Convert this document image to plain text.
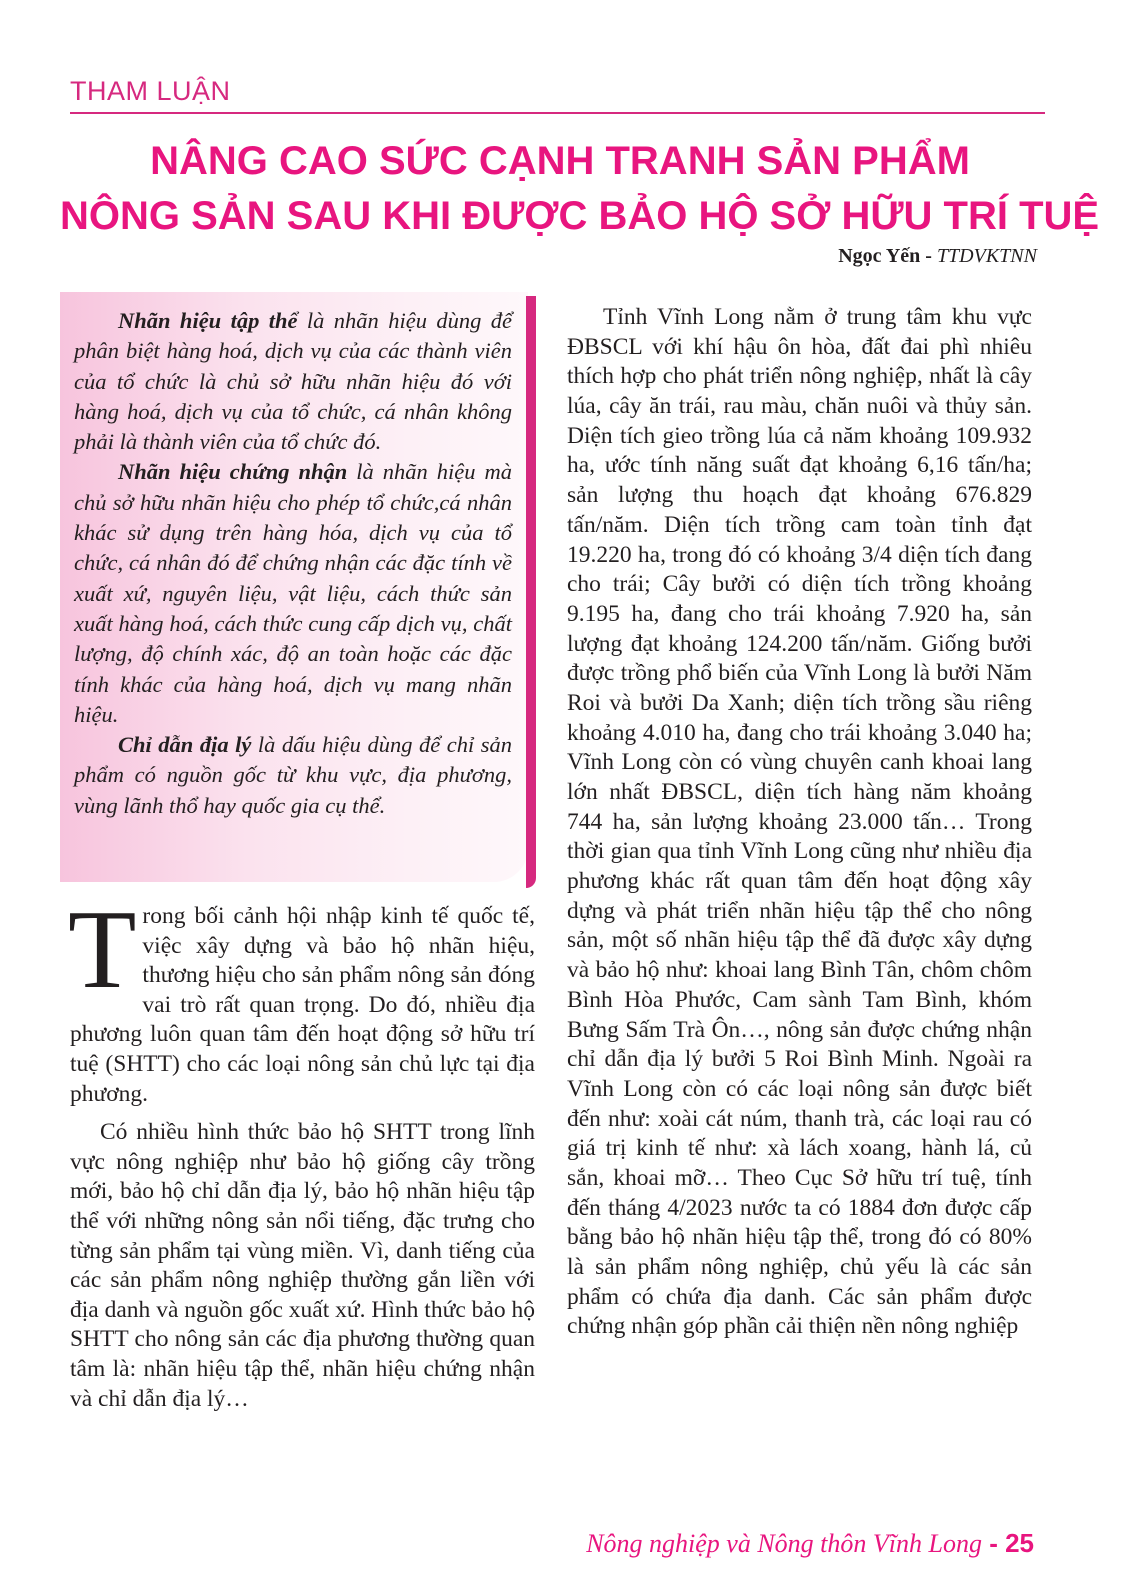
THAM LUẬN
NÂNG CAO SỨC CẠNH TRANH SẢN PHẨM
NÔNG SẢN SAU KHI ĐƯỢC BẢO HỘ SỞ HỮU TRÍ TUỆ
Ngọc Yến - TTDVKTNN

Nhãn hiệu tập thể là nhãn hiệu dùng để phân biệt hàng hoá, dịch vụ của các thành viên của tổ chức là chủ sở hữu nhãn hiệu đó với hàng hoá, dịch vụ của tổ chức, cá nhân không phải là thành viên của tổ chức đó.

Nhãn hiệu chứng nhận là nhãn hiệu mà chủ sở hữu nhãn hiệu cho phép tổ chức,cá nhân khác sử dụng trên hàng hóa, dịch vụ của tổ chức, cá nhân đó để chứng nhận các đặc tính về xuất xứ, nguyên liệu, vật liệu, cách thức sản xuất hàng hoá, cách thức cung cấp dịch vụ, chất lượng, độ chính xác, độ an toàn hoặc các đặc tính khác của hàng hoá, dịch vụ mang nhãn hiệu.

Chỉ dẫn địa lý là dấu hiệu dùng để chỉ sản phẩm có nguồn gốc từ khu vực, địa phương, vùng lãnh thổ hay quốc gia cụ thể.

Trong bối cảnh hội nhập kinh tế quốc tế, việc xây dựng và bảo hộ nhãn hiệu, thương hiệu cho sản phẩm nông sản đóng vai trò rất quan trọng. Do đó, nhiều địa phương luôn quan tâm đến hoạt động sở hữu trí tuệ (SHTT) cho các loại nông sản chủ lực tại địa phương.

Có nhiều hình thức bảo hộ SHTT trong lĩnh vực nông nghiệp như bảo hộ giống cây trồng mới, bảo hộ chỉ dẫn địa lý, bảo hộ nhãn hiệu tập thể với những nông sản nổi tiếng, đặc trưng cho từng sản phẩm tại vùng miền. Vì, danh tiếng của các sản phẩm nông nghiệp thường gắn liền với địa danh và nguồn gốc xuất xứ. Hình thức bảo hộ SHTT cho nông sản các địa phương thường quan tâm là: nhãn hiệu tập thể, nhãn hiệu chứng nhận và chỉ dẫn địa lý…

Tỉnh Vĩnh Long nằm ở trung tâm khu vực ĐBSCL với khí hậu ôn hòa, đất đai phì nhiêu thích hợp cho phát triển nông nghiệp, nhất là cây lúa, cây ăn trái, rau màu, chăn nuôi và thủy sản. Diện tích gieo trồng lúa cả năm khoảng 109.932 ha, ước tính năng suất đạt khoảng 6,16 tấn/ha; sản lượng thu hoạch đạt khoảng 676.829 tấn/năm. Diện tích trồng cam toàn tỉnh đạt 19.220 ha, trong đó có khoảng 3/4 diện tích đang cho trái; Cây bưởi có diện tích trồng khoảng 9.195 ha, đang cho trái khoảng 7.920 ha, sản lượng đạt khoảng 124.200 tấn/năm. Giống bưởi được trồng phổ biến của Vĩnh Long là bưởi Năm Roi và bưởi Da Xanh; diện tích trồng sầu riêng khoảng 4.010 ha, đang cho trái khoảng 3.040 ha; Vĩnh Long còn có vùng chuyên canh khoai lang lớn nhất ĐBSCL, diện tích hàng năm khoảng 744 ha, sản lượng khoảng 23.000 tấn… Trong thời gian qua tỉnh Vĩnh Long cũng như nhiều địa phương khác rất quan tâm đến hoạt động xây dựng và phát triển nhãn hiệu tập thể cho nông sản, một số nhãn hiệu tập thể đã được xây dựng và bảo hộ như: khoai lang Bình Tân, chôm chôm Bình Hòa Phước, Cam sành Tam Bình, khóm Bưng Sấm Trà Ôn…, nông sản được chứng nhận chỉ dẫn địa lý bưởi 5 Roi Bình Minh. Ngoài ra Vĩnh Long còn có các loại nông sản được biết đến như: xoài cát núm, thanh trà, các loại rau có giá trị kinh tế như: xà lách xoang, hành lá, củ sắn, khoai mỡ… Theo Cục Sở hữu trí tuệ, tính đến tháng 4/2023 nước ta có 1884 đơn được cấp bằng bảo hộ nhãn hiệu tập thể, trong đó có 80% là sản phẩm nông nghiệp, chủ yếu là các sản phẩm có chứa địa danh. Các sản phẩm được chứng nhận góp phần cải thiện nền nông nghiệp

Nông nghiệp và Nông thôn Vĩnh Long - 25
